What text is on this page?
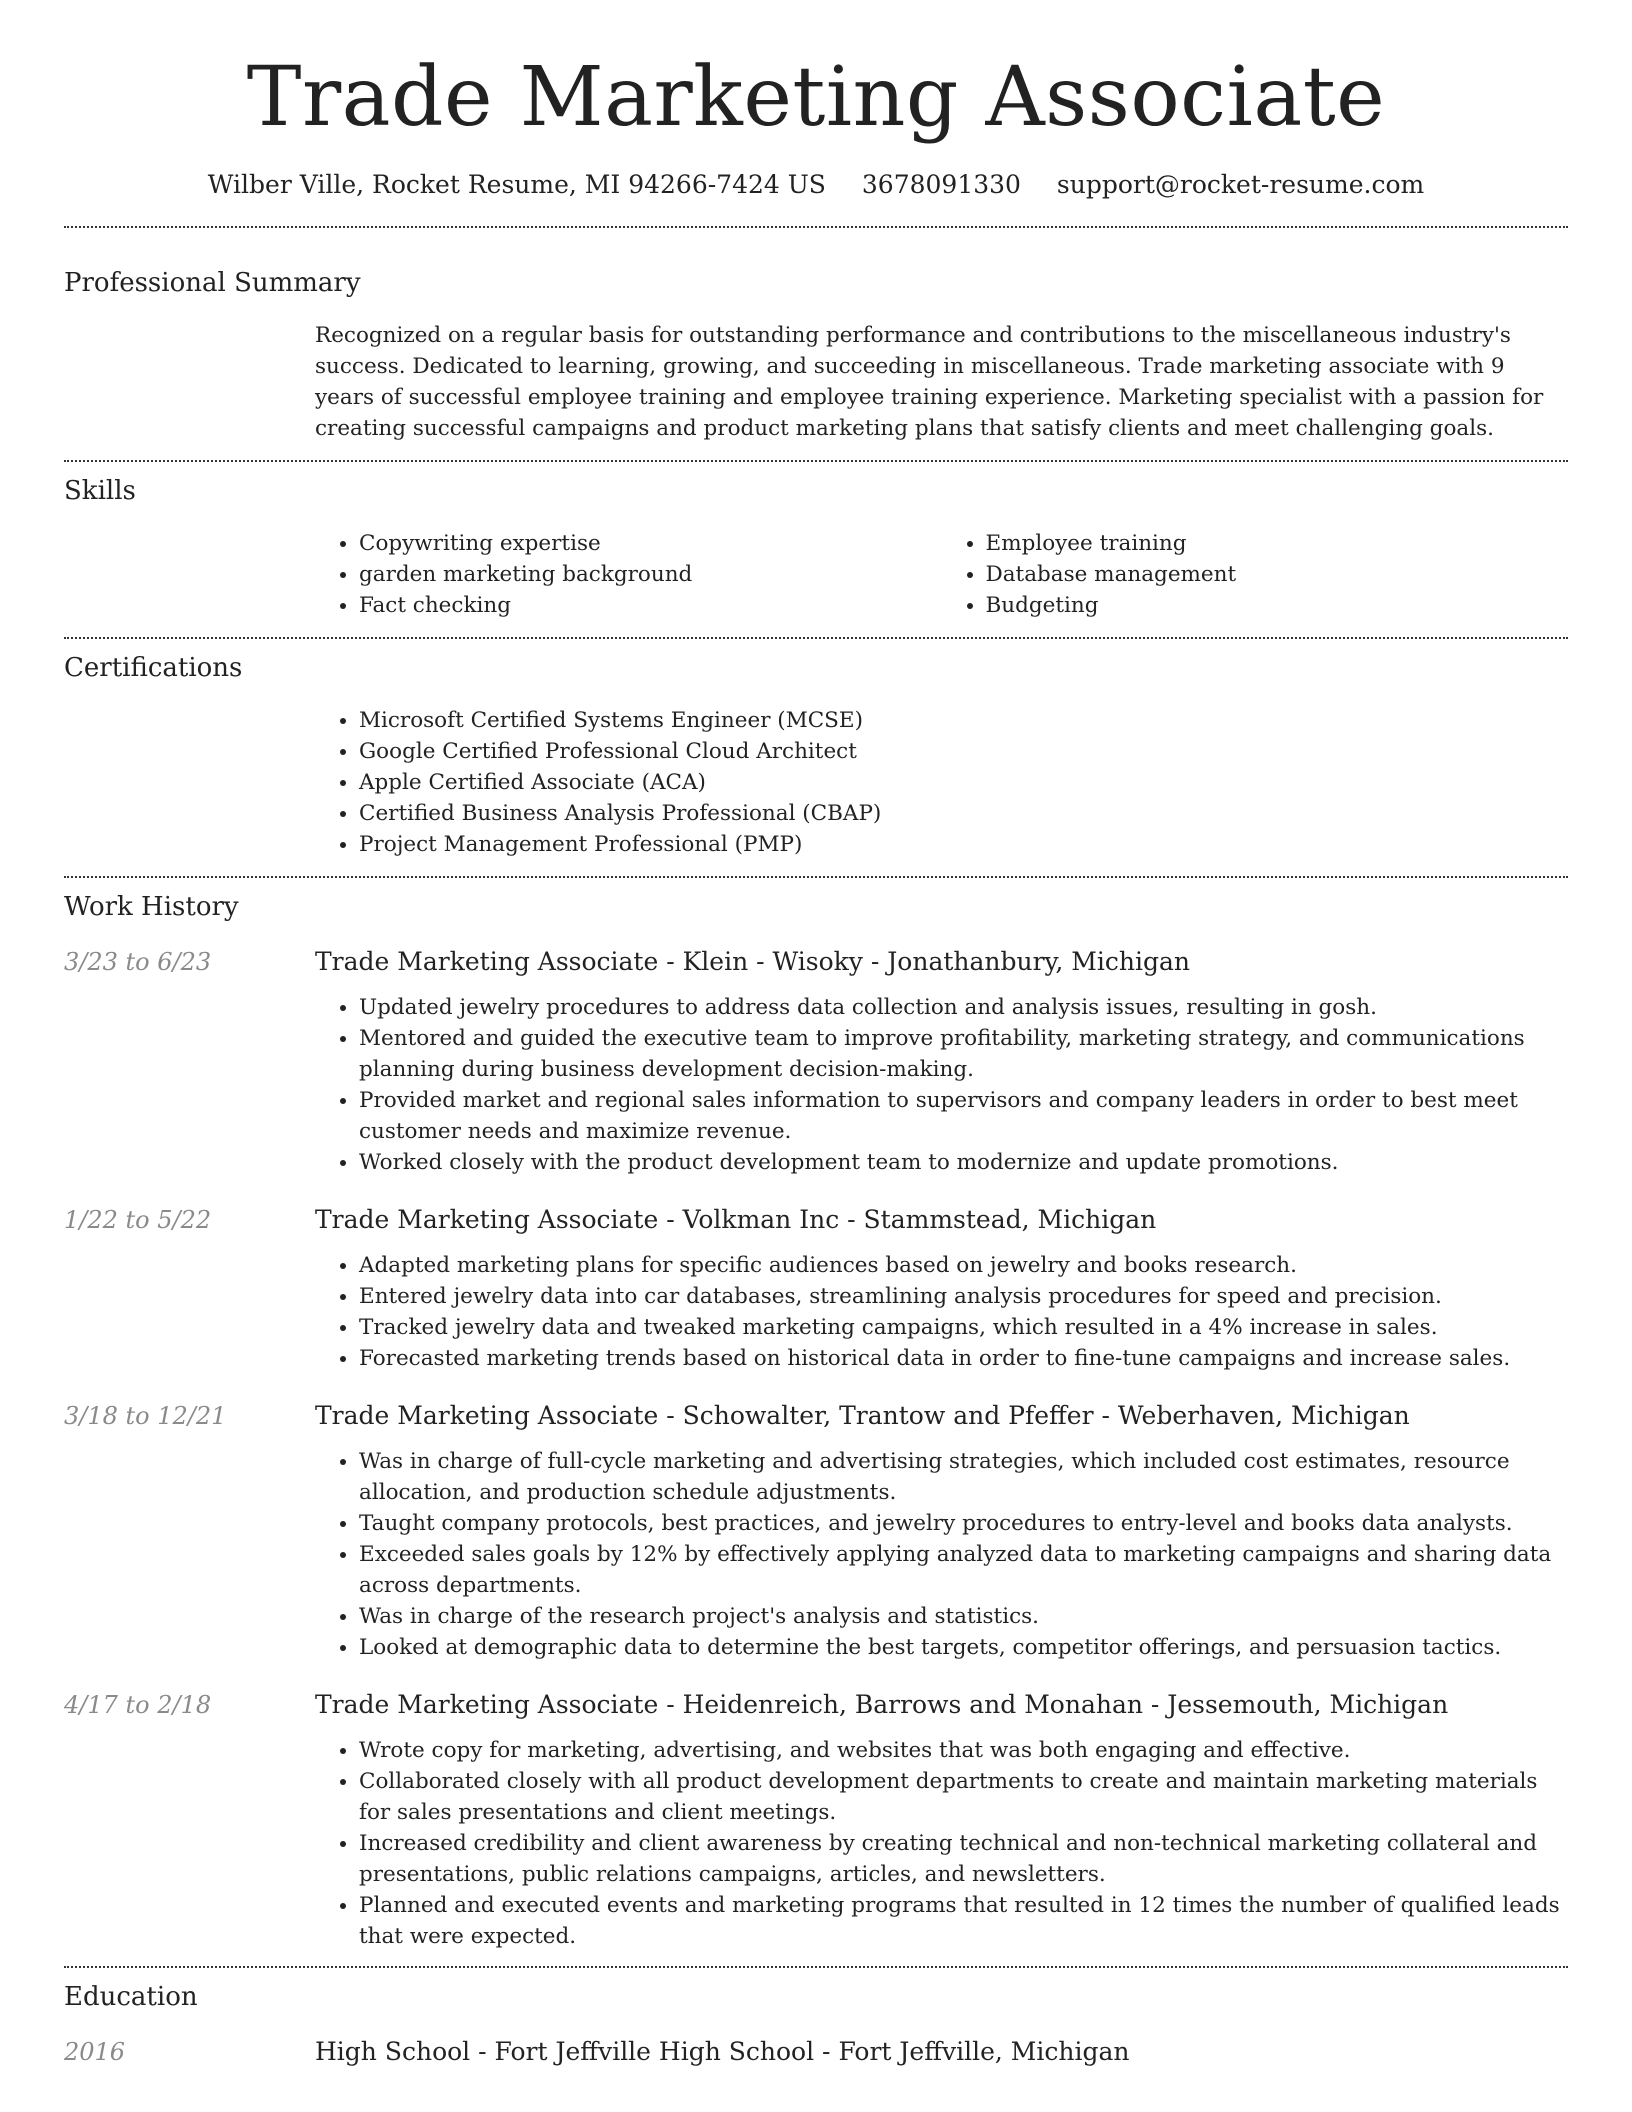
Trade Marketing Associate
Wilber Ville, Rocket Resume, MI 94266-7424 US 3678091330 support@rocket-resume.com
Professional Summary
Recognized on a regular basis for outstanding performance and contributions to the miscellaneous industry's success. Dedicated to learning, growing, and succeeding in miscellaneous. Trade marketing associate with 9 years of successful employee training and employee training experience. Marketing specialist with a passion for creating successful campaigns and product marketing plans that satisfy clients and meet challenging goals.
Skills
• Copywriting expertise
• garden marketing background
• Fact checking
• Employee training
• Database management
• Budgeting
Certifications
• Microsoft Certified Systems Engineer (MCSE)
• Google Certified Professional Cloud Architect
• Apple Certified Associate (ACA)
• Certified Business Analysis Professional (CBAP)
• Project Management Professional (PMP)
Work History
3/23 to 6/23	Trade Marketing Associate - Klein - Wisoky - Jonathanbury, Michigan
• Updated jewelry procedures to address data collection and analysis issues, resulting in gosh.
• Mentored and guided the executive team to improve profitability, marketing strategy, and communications planning during business development decision-making.
• Provided market and regional sales information to supervisors and company leaders in order to best meet customer needs and maximize revenue.
• Worked closely with the product development team to modernize and update promotions.
1/22 to 5/22	Trade Marketing Associate - Volkman Inc - Stammstead, Michigan
• Adapted marketing plans for specific audiences based on jewelry and books research.
• Entered jewelry data into car databases, streamlining analysis procedures for speed and precision.
• Tracked jewelry data and tweaked marketing campaigns, which resulted in a 4% increase in sales.
• Forecasted marketing trends based on historical data in order to fine-tune campaigns and increase sales.
3/18 to 12/21	Trade Marketing Associate - Schowalter, Trantow and Pfeffer - Weberhaven, Michigan
• Was in charge of full-cycle marketing and advertising strategies, which included cost estimates, resource allocation, and production schedule adjustments.
• Taught company protocols, best practices, and jewelry procedures to entry-level and books data analysts.
• Exceeded sales goals by 12% by effectively applying analyzed data to marketing campaigns and sharing data across departments.
• Was in charge of the research project's analysis and statistics.
• Looked at demographic data to determine the best targets, competitor offerings, and persuasion tactics.
4/17 to 2/18	Trade Marketing Associate - Heidenreich, Barrows and Monahan - Jessemouth, Michigan
• Wrote copy for marketing, advertising, and websites that was both engaging and effective.
• Collaborated closely with all product development departments to create and maintain marketing materials for sales presentations and client meetings.
• Increased credibility and client awareness by creating technical and non-technical marketing collateral and presentations, public relations campaigns, articles, and newsletters.
• Planned and executed events and marketing programs that resulted in 12 times the number of qualified leads that were expected.
Education
2016	High School - Fort Jeffville High School - Fort Jeffville, Michigan
